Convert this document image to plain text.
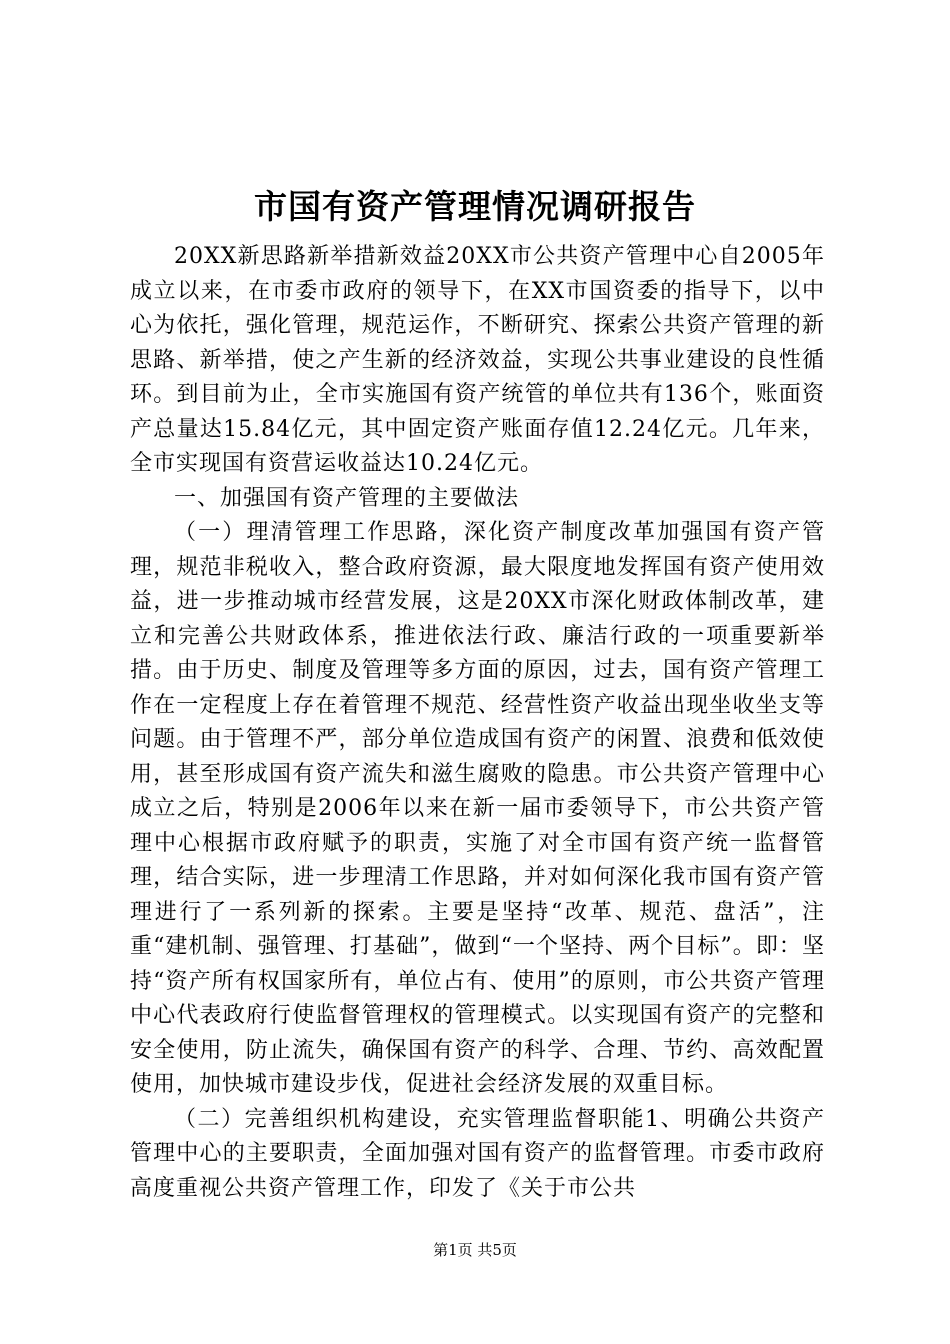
市国有资产管理情况调研报告

20XX新思路新举措新效益20XX市公共资产管理中心自2005年成立以来，在市委市政府的领导下，在XX市国资委的指导下，以中心为依托，强化管理，规范运作，不断研究、探索公共资产管理的新思路、新举措，使之产生新的经济效益，实现公共事业建设的良性循环。到目前为止，全市实施国有资产统管的单位共有136个，账面资产总量达15.84亿元，其中固定资产账面存值12.24亿元。几年来，全市实现国有资营运收益达10.24亿元。

一、加强国有资产管理的主要做法

（一）理清管理工作思路，深化资产制度改革加强国有资产管理，规范非税收入，整合政府资源，最大限度地发挥国有资产使用效益，进一步推动城市经营发展，这是20XX市深化财政体制改革，建立和完善公共财政体系，推进依法行政、廉洁行政的一项重要新举措。由于历史、制度及管理等多方面的原因，过去，国有资产管理工作在一定程度上存在着管理不规范、经营性资产收益出现坐收坐支等问题。由于管理不严，部分单位造成国有资产的闲置、浪费和低效使用，甚至形成国有资产流失和滋生腐败的隐患。市公共资产管理中心成立之后，特别是2006年以来在新一届市委领导下，市公共资产管理中心根据市政府赋予的职责，实施了对全市国有资产统一监督管理，结合实际，进一步理清工作思路，并对如何深化我市国有资产管理进行了一系列新的探索。主要是坚持“改革、规范、盘活”，注重“建机制、强管理、打基础”，做到“一个坚持、两个目标”。即：坚持“资产所有权国家所有，单位占有、使用”的原则，市公共资产管理中心代表政府行使监督管理权的管理模式。以实现国有资产的完整和安全使用，防止流失，确保国有资产的科学、合理、节约、高效配置使用，加快城市建设步伐，促进社会经济发展的双重目标。

（二）完善组织机构建设，充实管理监督职能1、明确公共资产管理中心的主要职责，全面加强对国有资产的监督管理。市委市政府高度重视公共资产管理工作，印发了《关于市公共

第1页 共5页
